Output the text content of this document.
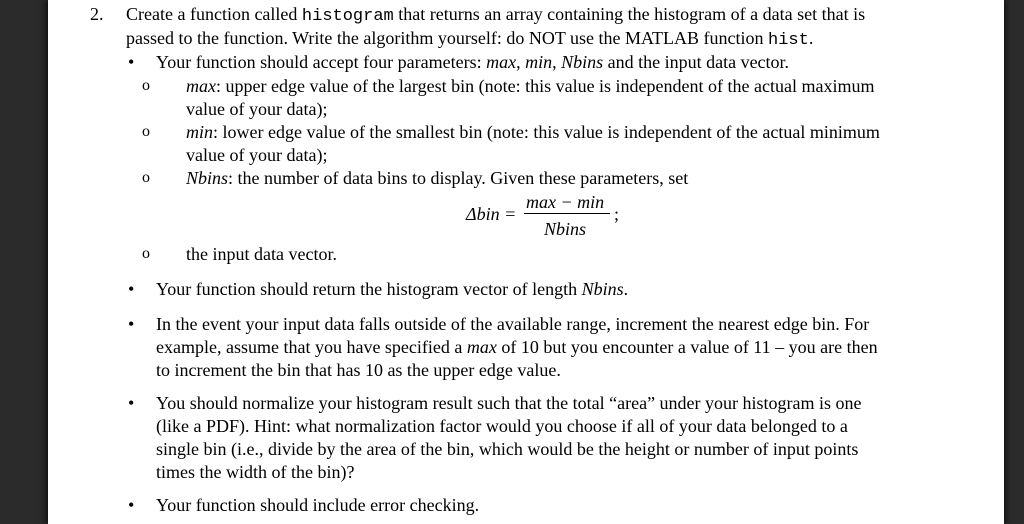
2. Create a function called histogram that returns an array containing the histogram of a data set that is
passed to the function. Write the algorithm yourself: do NOT use the MATLAB function hist.
• Your function should accept four parameters: max, min, Nbins and the input data vector.
o max: upper edge value of the largest bin (note: this value is independent of the actual maximum
value of your data);
o min: lower edge value of the smallest bin (note: this value is independent of the actual minimum
value of your data);
o Nbins: the number of data bins to display. Given these parameters, set
Δbin =
max − min
Nbins
;
o the input data vector.
• Your function should return the histogram vector of length Nbins.
• In the event your input data falls outside of the available range, increment the nearest edge bin. For
example, assume that you have specified a max of 10 but you encounter a value of 11 – you are then
to increment the bin that has 10 as the upper edge value.
• You should normalize your histogram result such that the total “area” under your histogram is one
(like a PDF). Hint: what normalization factor would you choose if all of your data belonged to a
single bin (i.e., divide by the area of the bin, which would be the height or number of input points
times the width of the bin)?
• Your function should include error checking.
